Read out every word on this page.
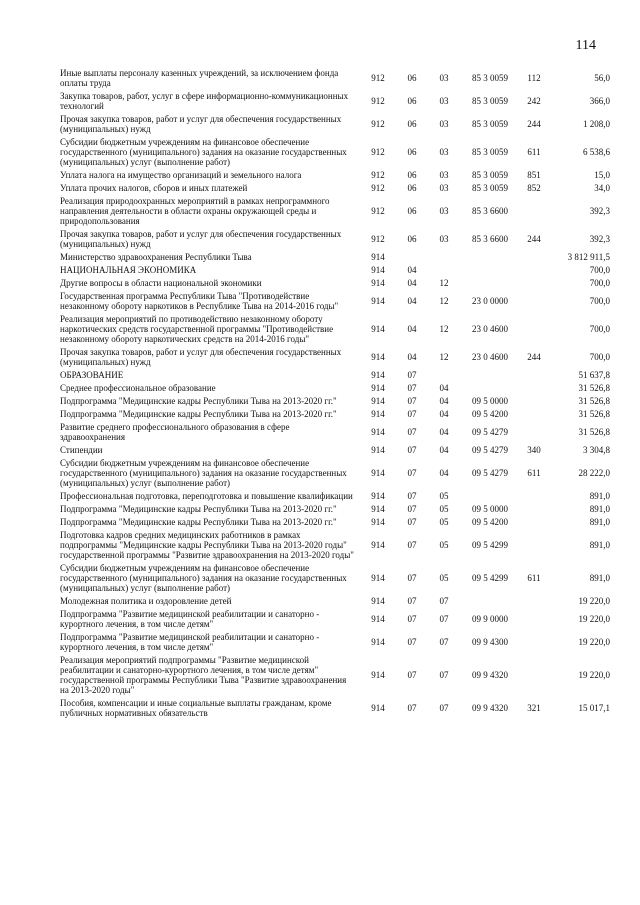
114
Иные выплаты персоналу казенных учреждений, за исключением фонда оплаты труда	912	06	03	85 3 0059	112	56,0
Закупка товаров, работ, услуг в сфере информационно-коммуникационных технологий	912	06	03	85 3 0059	242	366,0
Прочая закупка товаров, работ и услуг для обеспечения государственных (муниципальных) нужд	912	06	03	85 3 0059	244	1 208,0
Субсидии бюджетным учреждениям на финансовое обеспечение государственного (муниципального) задания на оказание государственных (муниципальных) услуг (выполнение работ)	912	06	03	85 3 0059	611	6 538,6
Уплата налога на имущество организаций и земельного налога	912	06	03	85 3 0059	851	15,0
Уплата прочих налогов, сборов и иных платежей	912	06	03	85 3 0059	852	34,0
Реализация природоохранных мероприятий в рамках непрограммного направления деятельности в области охраны окружающей среды и природопользования	912	06	03	85 3 6600		392,3
Прочая закупка товаров, работ и услуг для обеспечения государственных (муниципальных) нужд	912	06	03	85 3 6600	244	392,3
Министерство здравоохранения Республики Тыва	914					3 812 911,5
НАЦИОНАЛЬНАЯ ЭКОНОМИКА	914	04				700,0
Другие вопросы в области национальной экономики	914	04	12			700,0
Государственная программа Республики Тыва "Противодействие незаконному обороту наркотиков в Республике Тыва на 2014-2016 годы"	914	04	12	23 0 0000		700,0
Реализация мероприятий по противодействию незаконному обороту наркотических средств государственной программы "Противодействие незаконному обороту наркотических средств на 2014-2016 годы"	914	04	12	23 0 4600		700,0
Прочая закупка товаров, работ и услуг для обеспечения государственных (муниципальных) нужд	914	04	12	23 0 4600	244	700,0
ОБРАЗОВАНИЕ	914	07				51 637,8
Среднее профессиональное образование	914	07	04			31 526,8
Подпрограмма "Медицинские кадры Республики Тыва на 2013-2020 гг."	914	07	04	09 5 0000		31 526,8
Подпрограмма "Медицинские кадры Республики Тыва на 2013-2020 гг."	914	07	04	09 5 4200		31 526,8
Развитие среднего профессионального образования в сфере здравоохранения	914	07	04	09 5 4279		31 526,8
Стипендии	914	07	04	09 5 4279	340	3 304,8
Субсидии бюджетным учреждениям на финансовое обеспечение государственного (муниципального) задания на оказание государственных (муниципальных) услуг (выполнение работ)	914	07	04	09 5 4279	611	28 222,0
Профессиональная подготовка, переподготовка и повышение квалификации	914	07	05			891,0
Подпрограмма "Медицинские кадры Республики Тыва на 2013-2020 гг."	914	07	05	09 5 0000		891,0
Подпрограмма "Медицинские кадры Республики Тыва на 2013-2020 гг."	914	07	05	09 5 4200		891,0
Подготовка кадров средних медицинских работников в рамках подпрограммы "Медицинские кадры Республики Тыва на 2013-2020 годы" государственной программы "Развитие здравоохранения на 2013-2020 годы"	914	07	05	09 5 4299		891,0
Субсидии бюджетным учреждениям на финансовое обеспечение государственного (муниципального) задания на оказание государственных (муниципальных) услуг (выполнение работ)	914	07	05	09 5 4299	611	891,0
Молодежная политика и оздоровление детей	914	07	07			19 220,0
Подпрограмма "Развитие медицинской реабилитации и санаторно - курортного лечения, в том числе детям"	914	07	07	09 9 0000		19 220,0
Подпрограмма "Развитие медицинской реабилитации и санаторно - курортного лечения, в том числе детям"	914	07	07	09 9 4300		19 220,0
Реализация мероприятий подпрограммы "Развитие медицинской реабилитации и санаторно-курортного лечения, в том числе детям" государственной программы Республики Тыва "Развитие здравоохранения на 2013-2020 годы"	914	07	07	09 9 4320		19 220,0
Пособия, компенсации и иные социальные выплаты гражданам, кроме публичных нормативных обязательств	914	07	07	09 9 4320	321	15 017,1
